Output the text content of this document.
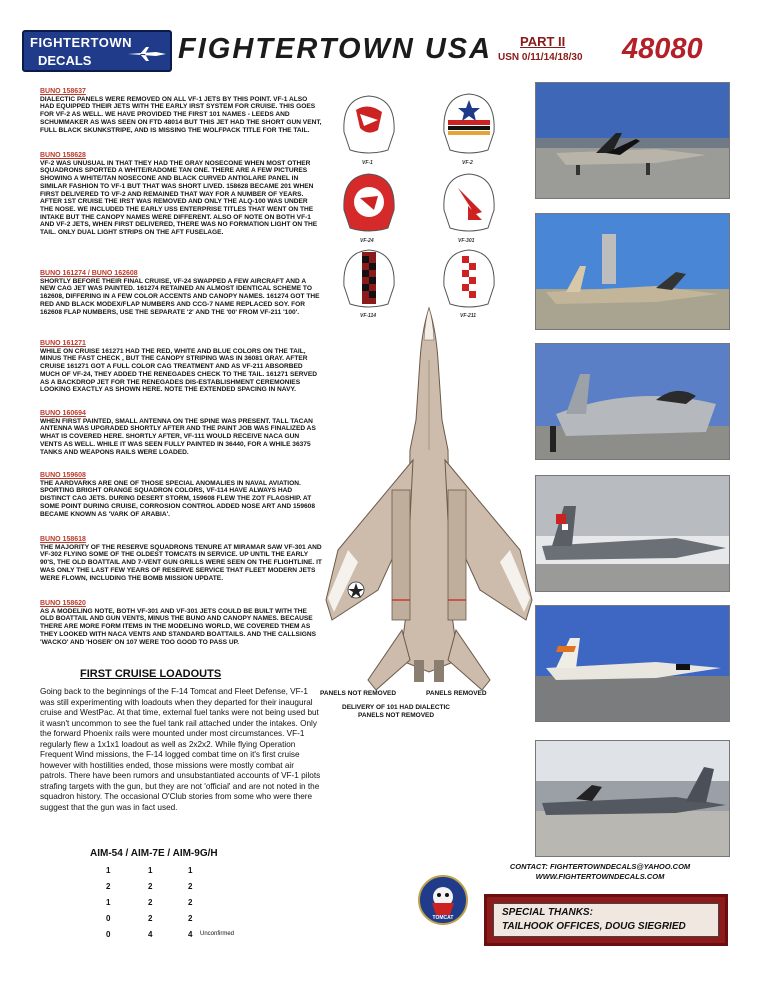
FIGHTERTOWN
DECALS	FIGHTERTOWN USA PART II
USN 0/11/14/18/30 48080
BUNO 158637
DIALECTIC PANELS WERE REMOVED ON ALL VF-1 JETS BY THIS POINT. VF-1 ALSO HAD EQUIPPED THEIR JETS WITH THE EARLY IRST SYSTEM FOR CRUISE. THIS GOES FOR VF-2 AS WELL. WE HAVE PROVIDED THE FIRST 101 NAMES - LEEDS AND SCHUMMAKER AS WAS SEEN ON FTD 48014 BUT THIS JET HAD THE SHORT GUN VENT, FULL BLACK SKUNKSTRIPE, AND IS MISSING THE WOLFPACK TITLE FOR THE TAIL.
BUNO 158628
VF-2 WAS UNUSUAL IN THAT THEY HAD THE GRAY NOSECONE WHEN MOST OTHER SQUADRONS SPORTED A WHITE/RADOME TAN ONE. THERE ARE A FEW PICTURES SHOWING A WHITE/TAN NOSECONE AND BLACK CURVED ANTIGLARE PANEL IN SIMILAR FASHION TO VF-1 BUT THAT WAS SHORT LIVED. 158628 BECAME 201 WHEN FIRST DELIVERED TO VF-2 AND REMAINED THAT WAY FOR A NUMBER OF YEARS. AFTER 1ST CRUISE THE IRST WAS REMOVED AND ONLY THE ALQ-100 WAS UNDER THE NOSE. WE INCLUDED THE EARLY USS ENTERPRISE TITLES THAT WENT ON THE INTAKE BUT THE CANOPY NAMES WERE DIFFERENT. ALSO OF NOTE ON BOTH VF-1 AND VF-2 JETS, WHEN FIRST DELIVERED, THERE WAS NO FORMATION LIGHT ON THE TAIL. ONLY DUAL LIGHT STRIPS ON THE AFT FUSELAGE.
BUNO 161274 / BUNO 162608
SHORTLY BEFORE THEIR FINAL CRUISE, VF-24 SWAPPED A FEW AIRCRAFT AND A NEW CAG JET WAS PAINTED. 161274 RETAINED AN ALMOST IDENTICAL SCHEME TO 162608, DIFFERING IN A FEW COLOR ACCENTS AND CANOPY NAMES. 161274 GOT THE RED AND BLACK MODEX/FLAP NUMBERS AND CCG-7 NAME REPLACED SOY. FOR 162608 FLAP NUMBERS, USE THE SEPARATE '2' AND THE '00' FROM VF-211 '100'.
BUNO 161271
WHILE ON CRUISE 161271 HAD THE RED, WHITE AND BLUE COLORS ON THE TAIL, MINUS THE FAST CHECK , BUT THE CANOPY STRIPING WAS IN 36081 GRAY. AFTER CRUISE 161271 GOT A FULL COLOR CAG TREATMENT AND AS VF-211 ABSORBED MUCH OF VF-24, THEY ADDED THE RENEGADES CHECK TO THE TAIL. 161271 SERVED AS A BACKDROP JET FOR THE RENEGADES DIS-ESTABLISHMENT CEREMONIES LOOKING EXACTLY AS SHOWN HERE. NOTE THE EXTENDED SPACING IN NAVY.
BUNO 160694
WHEN FIRST PAINTED, SMALL ANTENNA ON THE SPINE WAS PRESENT. TALL TACAN ANTENNA WAS UPGRADED SHORTLY AFTER AND THE PAINT JOB WAS FINALIZED AS WHAT IS COVERED HERE. SHORTLY AFTER, VF-111 WOULD RECEIVE NACA GUN VENTS AS WELL. WHILE IT WAS SEEN FULLY PAINTED IN 36440, FOR A WHILE 36375 TANKS AND WEAPONS RAILS WERE LOADED.
BUNO 159608
THE AARDVARKS ARE ONE OF THOSE SPECIAL ANOMALIES IN NAVAL AVIATION. SPORTING BRIGHT ORANGE SQUADRON COLORS, VF-114 HAVE ALWAYS HAD DISTINCT CAG JETS. DURING DESERT STORM, 159608 FLEW THE ZOT FLAGSHIP. AT SOME POINT DURING CRUISE, CORROSION CONTROL ADDED NOSE ART AND 159608 BECAME KNOWN AS 'VARK OF ARABIA'.
BUNO 158618
THE MAJORITY OF THE RESERVE SQUADRONS TENURE AT MIRAMAR SAW VF-301 AND VF-302 FLYING SOME OF THE OLDEST TOMCATS IN SERVICE. UP UNTIL THE EARLY 90'S, THE OLD BOATTAIL AND 7-VENT GUN GRILLS WERE SEEN ON THE FLIGHTLINE. IT WAS ONLY THE LAST FEW YEARS OF RESERVE SERVICE THAT FLEET MODERN JETS WERE FLOWN, INCLUDING THE BOMB MISSION UPDATE.
BUNO 158620
AS A MODELING NOTE, BOTH VF-301 AND VF-301 JETS COULD BE BUILT WITH THE OLD BOATTAIL AND GUN VENTS, MINUS THE BUNO AND CANOPY NAMES. BECAUSE THERE ARE MORE FORM ITEMS IN THE MODELING WORLD, WE COVERED THEM AS THEY LOOKED WITH NACA VENTS AND STANDARD BOATTAILS. AND THE CALLSIGNS 'WACKO' AND 'HOSER' ON 107 WERE TOO GOOD TO PASS UP.
VF-1	VF-2
VF-24	VF-301
VF-114	VF-211
PANELS NOT REMOVED	PANELS REMOVED
DELIVERY OF 101 HAD DIALECTIC
PANELS NOT REMOVED
FIRST CRUISE LOADOUTS
Going back to the beginnings of the F-14 Tomcat and Fleet Defense, VF-1 was still experimenting with loadouts when they departed for their inaugural cruise and WestPac. At that time, external fuel tanks were not being used but it wasn't uncommon to see the fuel tank rail attached under the intakes. Only the forward Phoenix rails were mounted under most circumstances. VF-1 regularly flew a 1x1x1 loadout as well as 2x2x2. While flying Operation Frequent Wind missions, the F-14 logged combat time on it's first cruise however with hostilities ended, those missions were mostly combat air patrols. There have been rumors and unsubstantiated accounts of VF-1 pilots strafing targets with the gun, but they are not 'official' and are not noted in the squadron history. The occasional O'Club stories from some who were there suggest that the gun was in fact used.
AIM-54 / AIM-7E / AIM-9G/H
1	1	1
2	2	2
1	2	2
0	2	2
0	4	4 Unconfirmed
CONTACT: FIGHTERTOWNDECALS@YAHOO.COM
WWW.FIGHTERTOWNDECALS.COM
TOMCAT	SPECIAL THANKS:
TAILHOOK OFFICES, DOUG SIEGRIED
